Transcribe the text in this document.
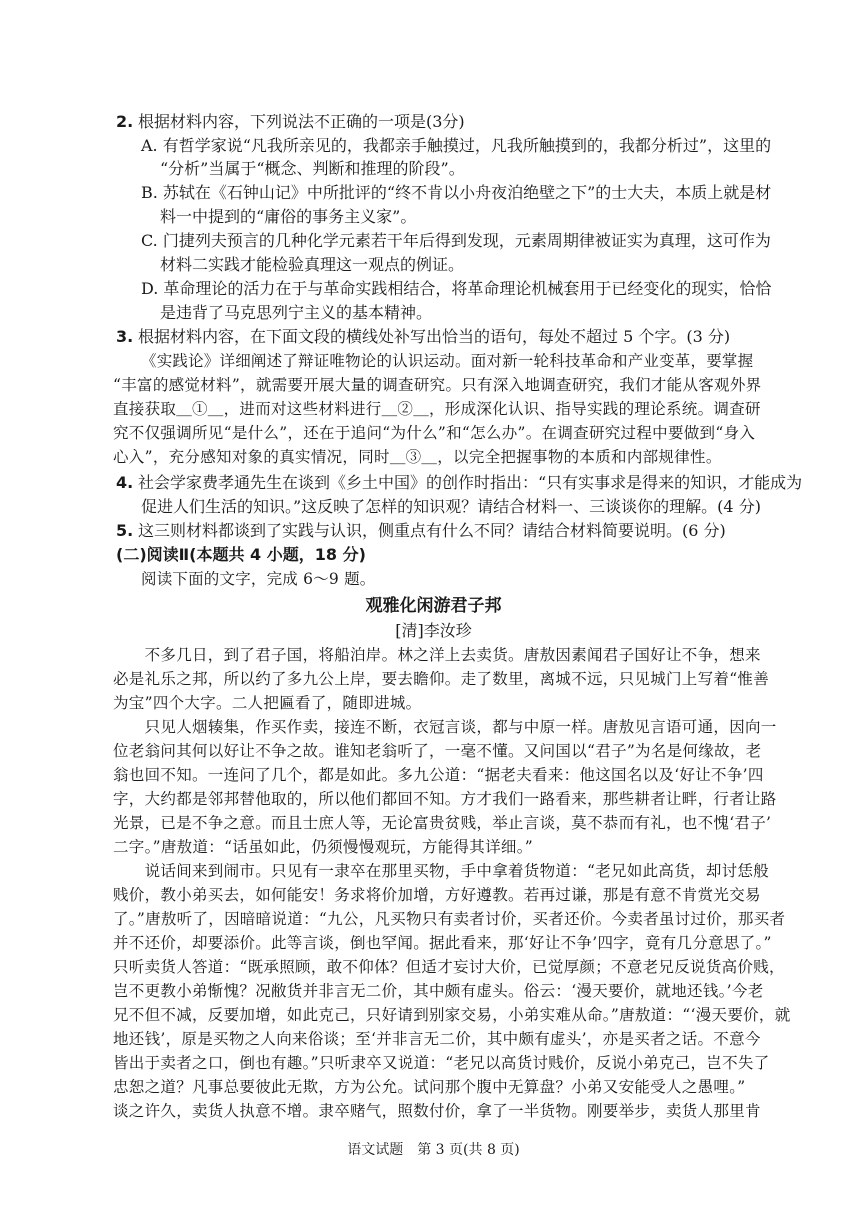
2. 根据材料内容，下列说法不正确的一项是(3分)
A. 有哲学家说“凡我所亲见的，我都亲手触摸过，凡我所触摸到的，我都分析过”，这里的
“分析”当属于“概念、判断和推理的阶段”。
B. 苏轼在《石钟山记》中所批评的“终不肯以小舟夜泊绝壁之下”的士大夫，本质上就是材
料一中提到的“庸俗的事务主义家”。
C. 门捷列夫预言的几种化学元素若干年后得到发现，元素周期律被证实为真理，这可作为
材料二实践才能检验真理这一观点的例证。
D. 革命理论的活力在于与革命实践相结合，将革命理论机械套用于已经变化的现实，恰恰
是违背了马克思列宁主义的基本精神。
3. 根据材料内容，在下面文段的横线处补写出恰当的语句，每处不超过 5 个字。(3 分)
《实践论》详细阐述了辩证唯物论的认识运动。面对新一轮科技革命和产业变革，要掌握
“丰富的感觉材料”，就需要开展大量的调查研究。只有深入地调查研究，我们才能从客观外界
直接获取＿①＿，进而对这些材料进行＿②＿，形成深化认识、指导实践的理论系统。调查研
究不仅强调所见“是什么”，还在于追问“为什么”和“怎么办”。在调查研究过程中要做到“身入
心入”，充分感知对象的真实情况，同时＿③＿，以完全把握事物的本质和内部规律性。
4. 社会学家费孝通先生在谈到《乡土中国》的创作时指出：“只有实事求是得来的知识，才能成为
促进人们生活的知识。”这反映了怎样的知识观？请结合材料一、三谈谈你的理解。(4 分)
5. 这三则材料都谈到了实践与认识，侧重点有什么不同？请结合材料简要说明。(6 分)
(二)阅读Ⅱ(本题共 4 小题，18 分)
阅读下面的文字，完成 6～9 题。
观雅化闲游君子邦
[清]李汝珍
　　不多几日，到了君子国，将船泊岸。林之洋上去卖货。唐敖因素闻君子国好让不争，想来
必是礼乐之邦，所以约了多九公上岸，要去瞻仰。走了数里，离城不远，只见城门上写着“惟善
为宝”四个大字。二人把匾看了，随即进城。
　　只见人烟辏集，作买作卖，接连不断，衣冠言谈，都与中原一样。唐敖见言语可通，因向一
位老翁问其何以好让不争之故。谁知老翁听了，一毫不懂。又问国以“君子”为名是何缘故，老
翁也回不知。一连问了几个，都是如此。多九公道：“据老夫看来：他这国名以及‘好让不争’四
字，大约都是邻邦替他取的，所以他们都回不知。方才我们一路看来，那些耕者让畔，行者让路
光景，已是不争之意。而且士庶人等，无论富贵贫贱，举止言谈，莫不恭而有礼，也不愧‘君子’
二字。”唐敖道：“话虽如此，仍须慢慢观玩，方能得其详细。”
　　说话间来到闹市。只见有一隶卒在那里买物，手中拿着货物道：“老兄如此高货，却讨恁般
贱价，教小弟买去，如何能安！务求将价加增，方好遵教。若再过谦，那是有意不肯赏光交易
了。”唐敖听了，因暗暗说道：“九公，凡买物只有卖者讨价，买者还价。今卖者虽讨过价，那买者
并不还价，却要添价。此等言谈，倒也罕闻。据此看来，那‘好让不争’四字，竟有几分意思了。”
只听卖货人答道：“既承照顾，敢不仰体？但适才妄讨大价，已觉厚颜；不意老兄反说货高价贱，
岂不更教小弟惭愧？况敝货并非言无二价，其中颇有虚头。俗云：‘漫天要价，就地还钱。’今老
兄不但不减，反要加增，如此克己，只好请到别家交易，小弟实难从命。”唐敖道：“‘漫天要价，就
地还钱’，原是买物之人向来俗谈；至‘并非言无二价，其中颇有虚头’，亦是买者之话。不意今
皆出于卖者之口，倒也有趣。”只听隶卒又说道：“老兄以高货讨贱价，反说小弟克己，岂不失了
忠恕之道？凡事总要彼此无欺，方为公允。试问那个腹中无算盘？小弟又安能受人之愚哩。”
谈之许久，卖货人执意不增。隶卒赌气，照数付价，拿了一半货物。刚要举步，卖货人那里肯
语文试题　第 3 页(共 8 页)
